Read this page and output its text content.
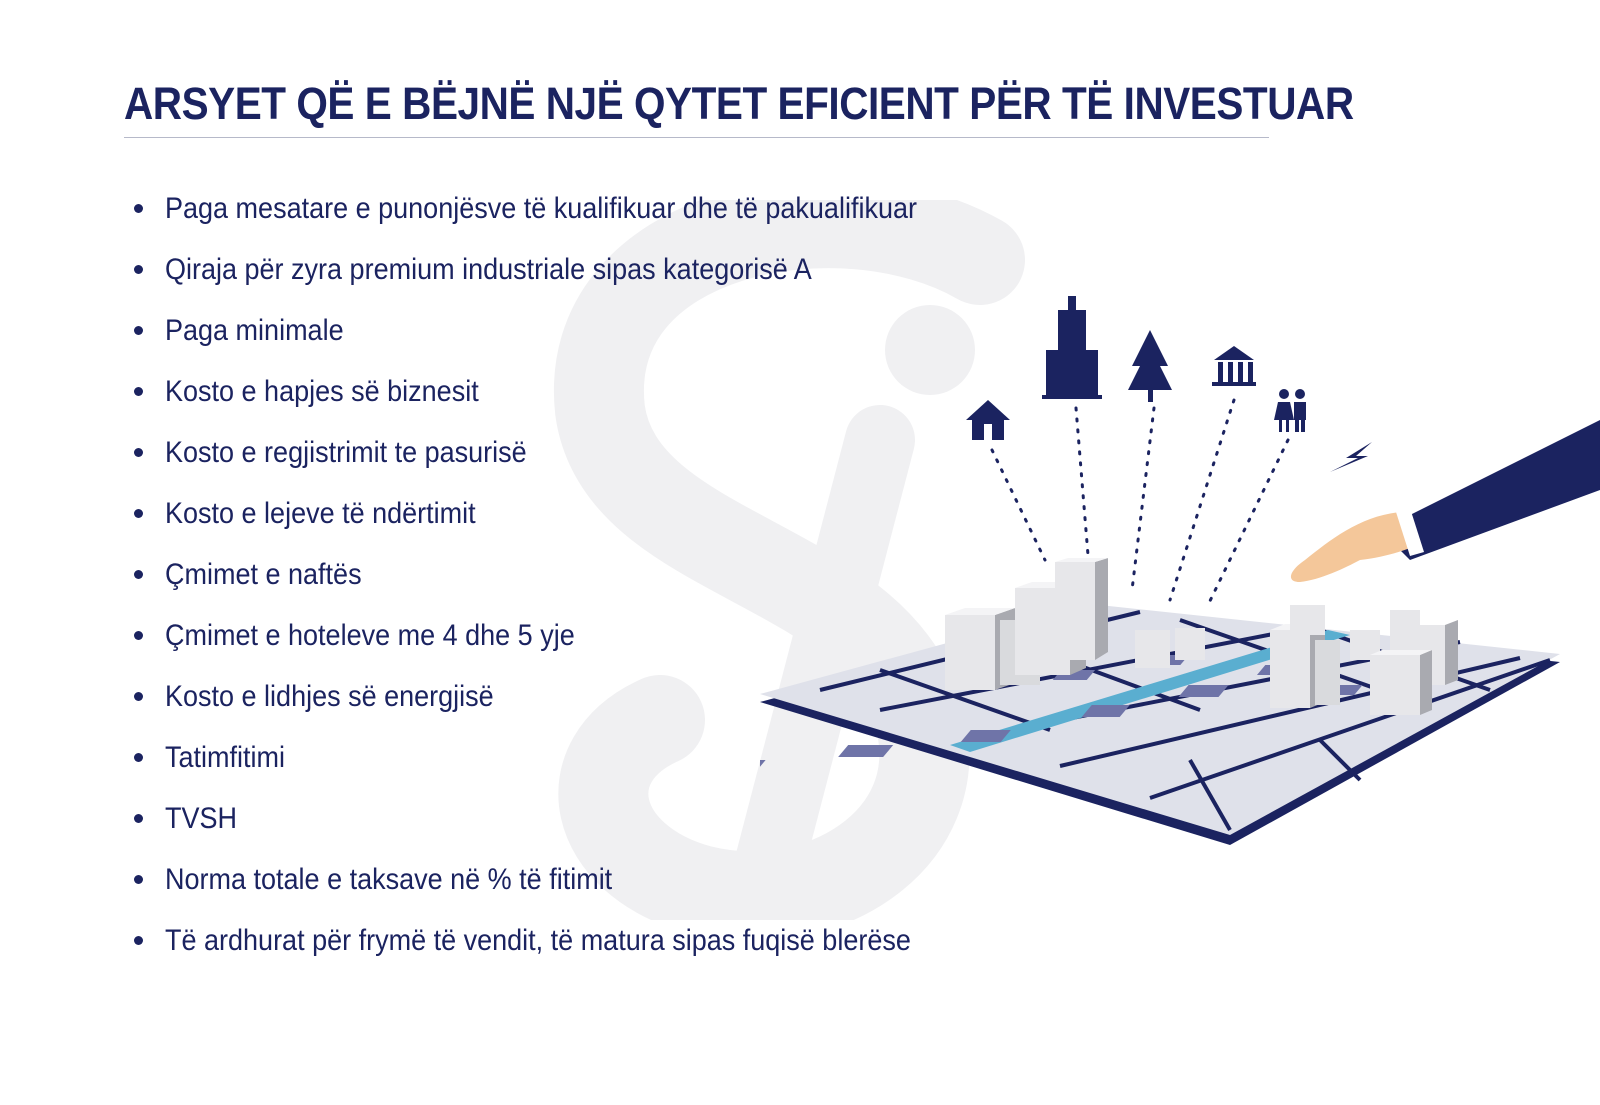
ARSYET QË E BËJNË NJË QYTET EFICIENT PËR TË INVESTUAR
Paga mesatare e punonjësve të kualifikuar dhe të pakualifikuar
Qiraja për zyra premium industriale sipas kategorisë A
Paga minimale
Kosto e hapjes së biznesit
Kosto e regjistrimit te pasurisë
Kosto e lejeve të ndërtimit
Çmimet e naftës
Çmimet e hoteleve me 4 dhe 5 yje
Kosto e lidhjes së energjisë
Tatimfitimi
TVSH
Norma totale e taksave në % të fitimit
Të ardhurat për frymë të vendit, të matura sipas fuqisë blerëse
